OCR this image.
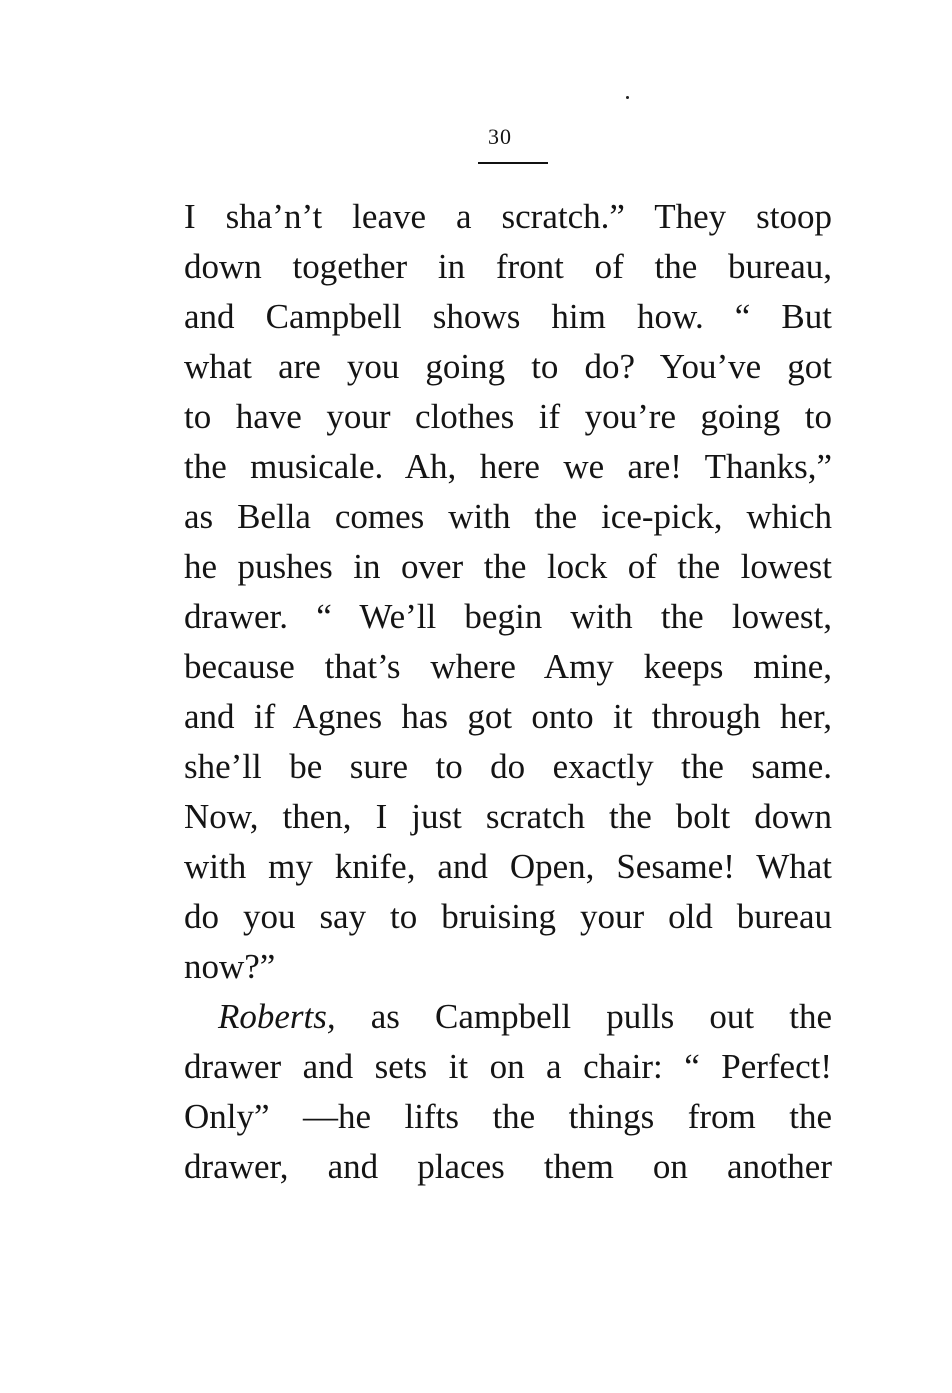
30
I sha’n’t leave a scratch.” They stoop
down together in front of the bureau,
and Campbell shows him how. “ But
what are you going to do? You’ve got
to have your clothes if you’re going to
the musicale. Ah, here we are! Thanks,”
as Bella comes with the ice-pick, which
he pushes in over the lock of the lowest
drawer. “ We’ll begin with the lowest,
because that’s where Amy keeps mine,
and if Agnes has got onto it through her,
she’ll be sure to do exactly the same.
Now, then, I just scratch the bolt down
with my knife, and Open, Sesame! What
do you say to bruising your old bureau
now?”
Roberts, as Campbell pulls out the
drawer and sets it on a chair: “ Perfect!
Only” —he lifts the things from the
drawer, and places them on another
